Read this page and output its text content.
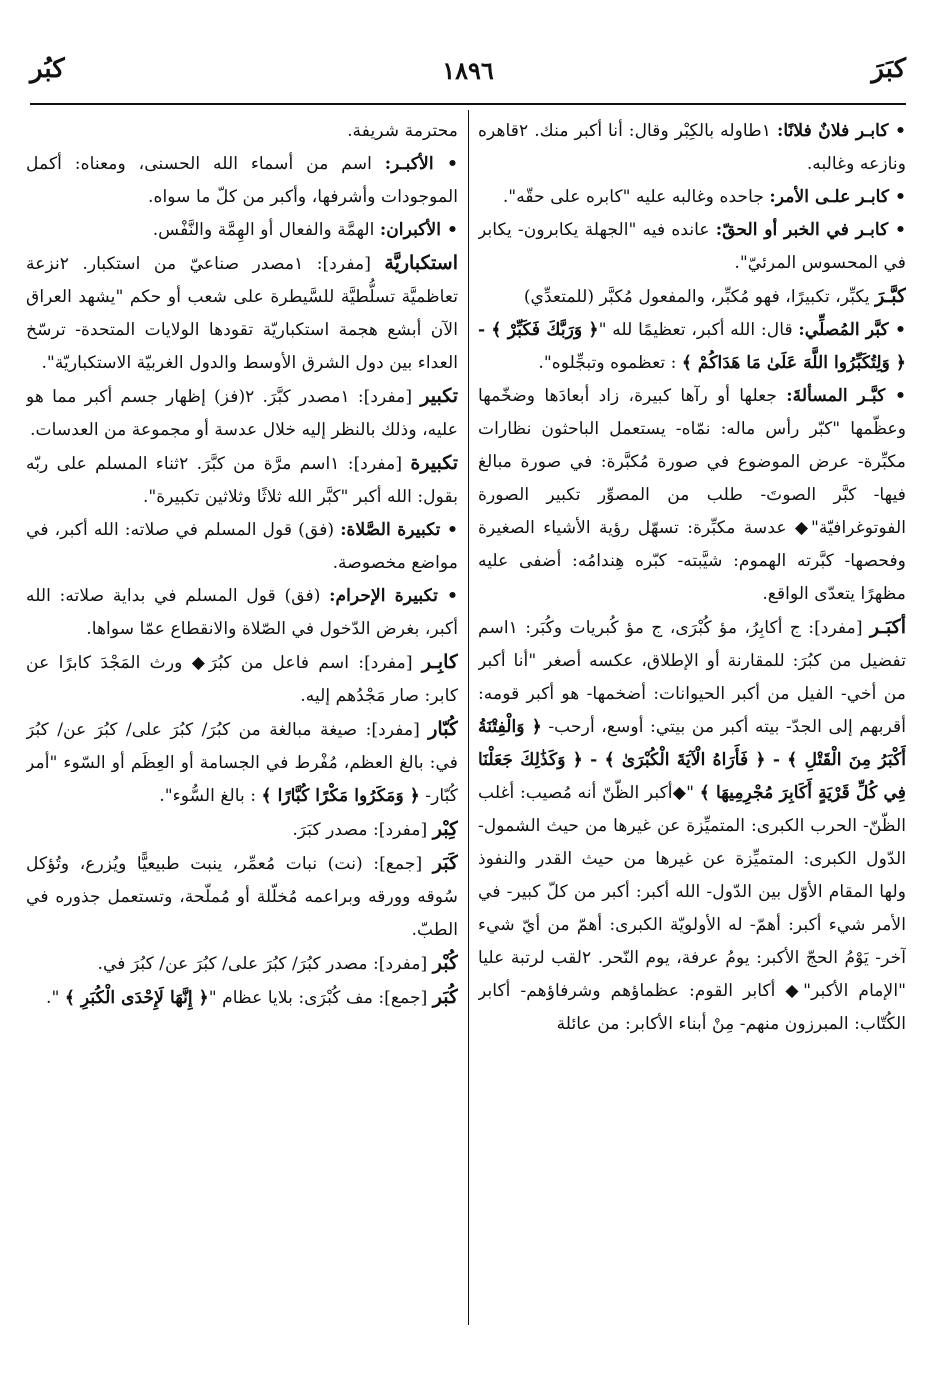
كبَرَ
١٨٩٦
كبُر

• كابـر فلانٌ فلانًا: ١طاوله بالكِبْر وقال: أنا أكبر منك. ٢قاهره ونازعه وغالبه.

• كابـر علـى الأمر: جاحده وغالبه عليه "كابره على حقّه".

• كابـر في الخبر أو الحقّ: عانده فيه "الجهلة يكابرون- يكابر في المحسوس المرئيّ".

كبَّـرَ يكبِّر، تكبيرًا، فهو مُكبِّر، والمفعول مُكبَّر (للمتعدِّي)

• كبَّر المُصلِّي: قال: الله أكبر، تعظيمًا لله "﴿ وَرَبَّكَ فَكَبِّرْ ﴾ - ﴿ وَلِتُكَبِّرُوا اللَّهَ عَلَىٰ مَا هَدَاكُمْ ﴾ : تعظموه وتبجِّلوه".

• كبَّـر المسألةَ: جعلها أو رآها كبيرة، زاد أبعادَها وضخّمها وعظّمها "كبّر رأس ماله: نمّاه- يستعمل الباحثون نظارات مكبِّرة- عرض الموضوع في صورة مُكبَّرة: في صورة مبالغ فيها- كبَّر الصوتَ- طلب من المصوِّر تكبير الصورة الفوتوغرافيّة"◆ عدسة مكبِّرة: تسهّل رؤية الأشياء الصغيرة وفحصها- كبَّرته الهموم: شيَّبته- كبّره هِندامُه: أضفى عليه مظهرًا يتعدّى الواقع.

أكبَـر [مفرد]: ج أكابِرُ، مؤ كُبْرَى، ج مؤ كُبريات وكُبَر: ١اسم تفضيل من كبُرَ: للمقارنة أو الإطلاق، عكسه أصغر "أنا أكبر من أخي- الفيل من أكبر الحيوانات: أضخمها- هو أكبر قومه: أقربهم إلى الجدّ- بيته أكبر من بيتي: أوسع، أرحب- ﴿ وَالْفِتْنَةُ أَكْبَرُ مِنَ الْقَتْلِ ﴾ - ﴿ فَأَرَاهُ الْآيَةَ الْكُبْرَىٰ ﴾ - ﴿ وَكَذَٰلِكَ جَعَلْنَا فِي كُلِّ قَرْيَةٍ أَكَابِرَ مُجْرِمِيهَا ﴾ "◆أكبر الظّنّ أنه مُصيب: أغلب الظّنّ- الحرب الكبرى: المتميِّزة عن غيرها من حيث الشمول- الدّول الكبرى: المتميِّزة عن غيرها من حيث القدر والنفوذ ولها المقام الأوّل بين الدّول- الله أكبر: أكبر من كلّ كبير- في الأمر شيء أكبر: أهمّ- له الأولويّة الكبرى: أهمّ من أيّ شيء آخر- يَوْمُ الحجّ الأكبر: يومُ عرفة، يوم النّحر. ٢لقب لرتبة عليا "الإمام الأكبر"◆ أكابر القوم: عظماؤهم وشرفاؤهم- أكابر الكُتّاب: المبرزون منهم- مِنْ أبناء الأكابر: من عائلة

محترمة شريفة.

• الأكبـر: اسم من أسماء الله الحسنى، ومعناه: أكمل الموجودات وأشرفها، وأكبر من كلّ ما سواه.

• الأكبران: الهمَّة والفعال أو الهِمَّة والنَّفْس.

استكباريَّة [مفرد]: ١مصدر صناعيّ من استكبار. ٢نزعة تعاظميَّة تسلُّطيَّة للسَّيطرة على شعب أو حكم "يشهد العراق الآن أبشع هجمة استكباريّة تقودها الولايات المتحدة- ترسّخ العداء بين دول الشرق الأوسط والدول الغربيّة الاستكباريّة".

تكبير [مفرد]: ١مصدر كبَّرَ. ٢(فز) إظهار جسم أكبر مما هو عليه، وذلك بالنظر إليه خلال عدسة أو مجموعة من العدسات.

تكبيرة [مفرد]: ١اسم مرَّة من كبَّرَ. ٢ثناء المسلم على ربّه بقول: الله أكبر "كبَّر الله ثلاثًا وثلاثين تكبيرة".

• تكبيرة الصَّلاة: (فق) قول المسلم في صلاته: الله أكبر، في مواضع مخصوصة.

• تكبيرة الإحرام: (فق) قول المسلم في بداية صلاته: الله أكبر، بغرض الدّخول في الصّلاة والانقطاع عمّا سواها.

كابِـر [مفرد]: اسم فاعل من كبُرَ◆ ورث المَجْدَ كابرًا عن كابر: صار مَجْدُهم إليه.

كُبّار [مفرد]: صيغة مبالغة من كبُرَ/ كبُرَ على/ كبُرَ عن/ كبُرَ في: بالغ العظم، مُفْرط في الجسامة أو العِظَم أو السّوء "أمر كُبّار- ﴿ وَمَكَرُوا مَكْرًا كُبَّارًا ﴾ : بالغ السُّوء".

كِبْر [مفرد]: مصدر كبَرَ.

كَبَر [جمع]: (نت) نبات مُعمِّر، ينبت طبيعيًّا ويُزرع، وتُؤكل سُوقه وورقه وبراعمه مُخلّلة أو مُملّحة، وتستعمل جذوره في الطبّ.

كُبْر [مفرد]: مصدر كبُرَ/ كبُرَ على/ كبُرَ عن/ كبُرَ في.

كُبَر [جمع]: مف كُبْرَى: بلايا عظام "﴿ إِنَّهَا لَإِحْدَى الْكُبَرِ ﴾ ".
